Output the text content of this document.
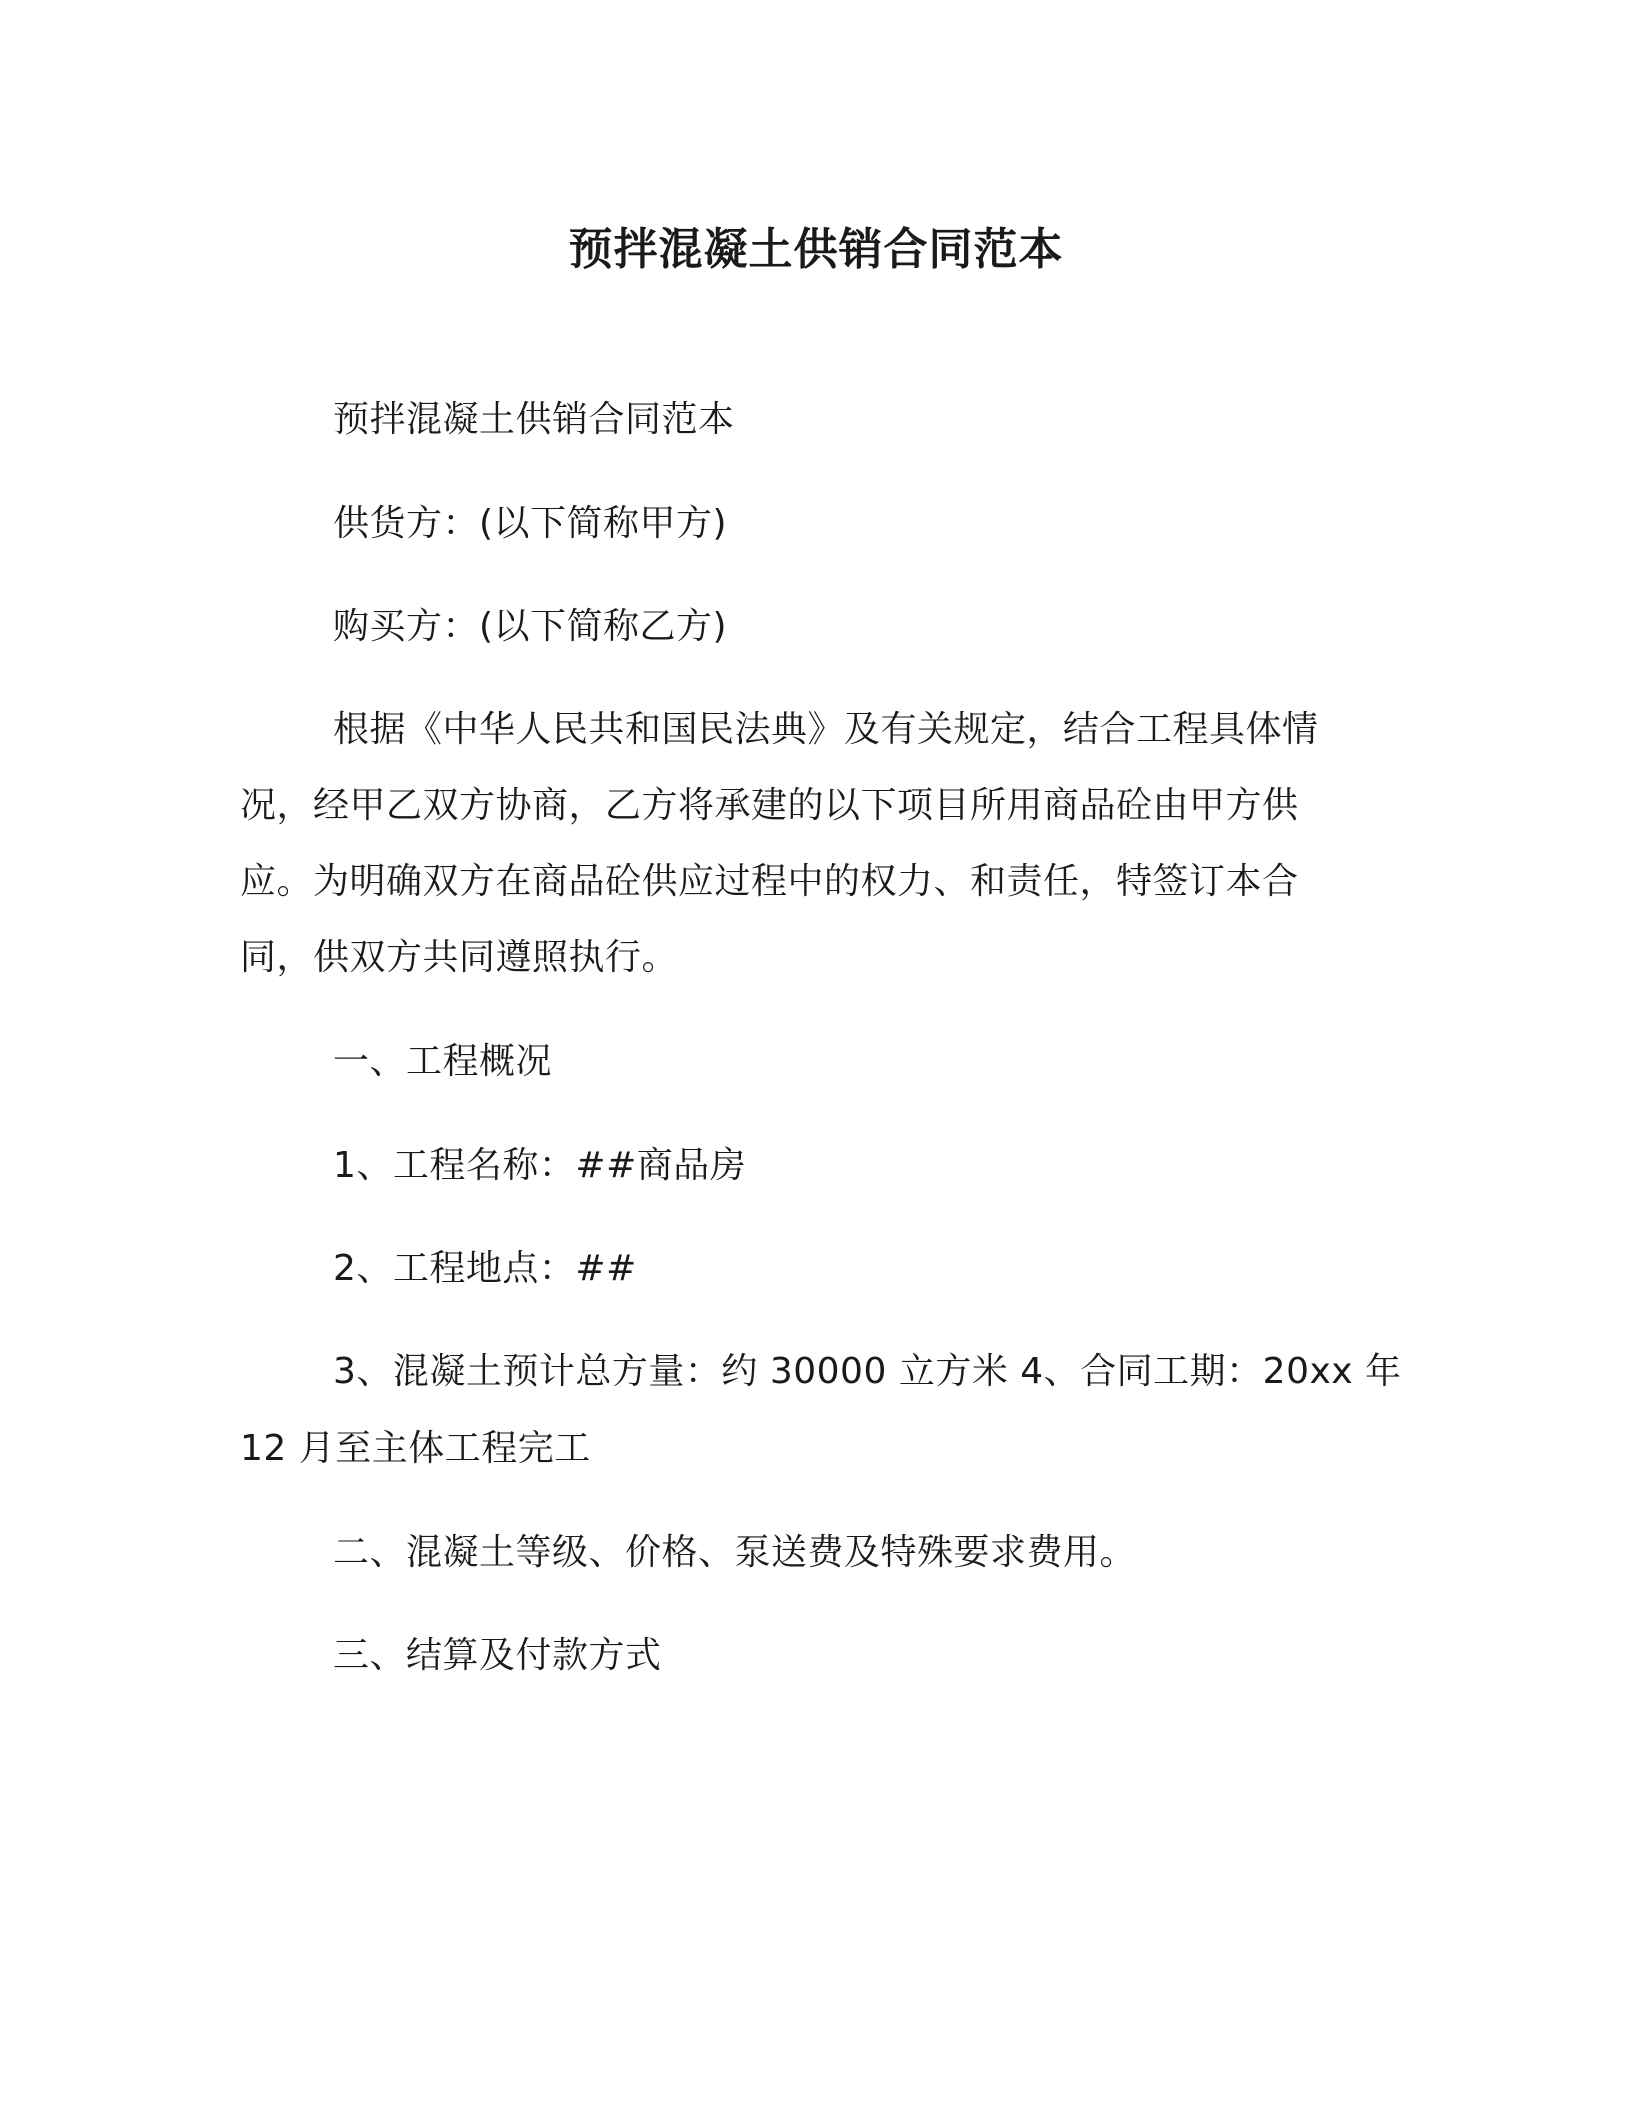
预拌混凝土供销合同范本
预拌混凝土供销合同范本
供货方：(以下简称甲方)
购买方：(以下简称乙方)
根据《中华人民共和国民法典》及有关规定，结合工程具体情
况，经甲乙双方协商，乙方将承建的以下项目所用商品砼由甲方供
应。为明确双方在商品砼供应过程中的权力、和责任，特签订本合
同，供双方共同遵照执行。
一、工程概况
1、工程名称：##商品房
2、工程地点：##
3、混凝土预计总方量：约 30000 立方米 4、合同工期：20xx 年
12 月至主体工程完工
二、混凝土等级、价格、泵送费及特殊要求费用。
三、结算及付款方式
